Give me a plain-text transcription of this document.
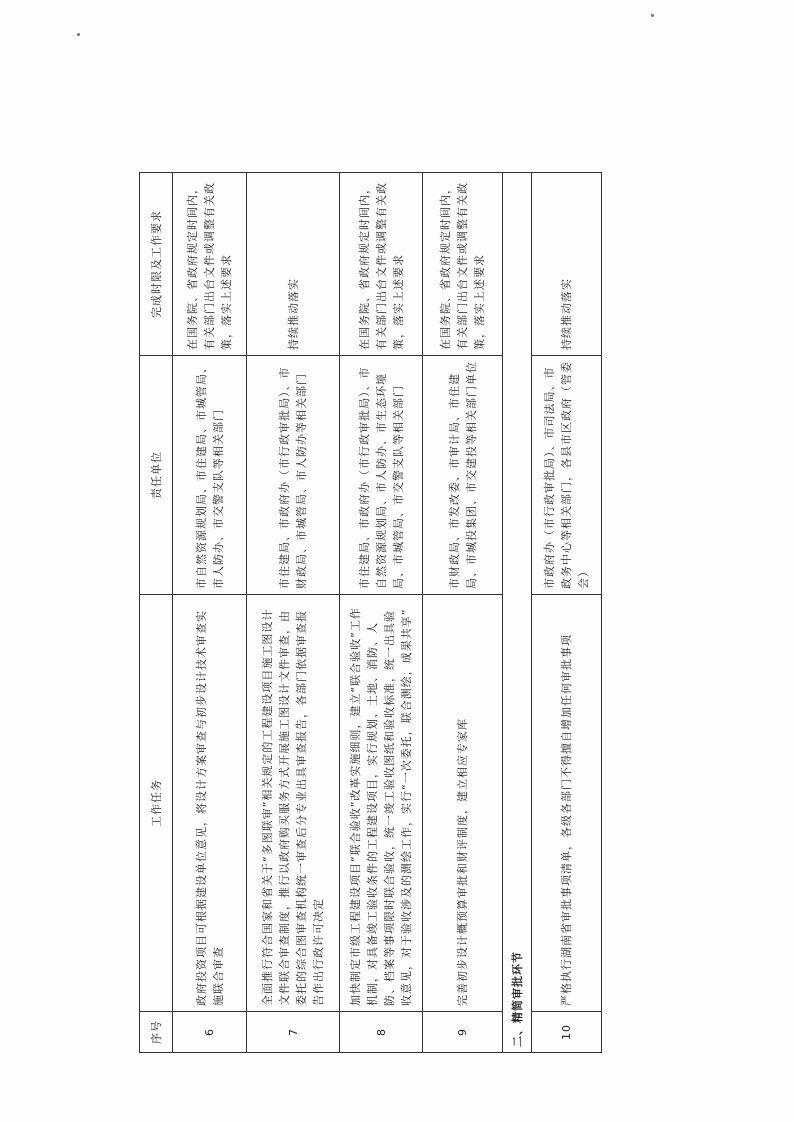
序号	工作任务	责任单位	完成时限及工作要求
6	政府投资项目可根据建设单位意见，将设计方案审查与初步设计技术审查实施联合审查	市自然资源规划局、市住建局、市城管局、市人防办、市交警支队等相关部门	在国务院、省政府规定时间内，有关部门出台文件或调整有关政策，落实上述要求
7	全面推行符合国家和省关于“多图联审”相关规定的工程建设项目施工图设计文件联合审查制度，推行以政府购买服务方式开展施工图设计文件审查，由委托的综合图审查机构统一审查后分专业出具审查报告，各部门依据审查报告作出行政许可决定	市住建局、市政府办（市行政审批局）、市财政局、市城管局、市人防办等相关部门	持续推动落实
8	加快制定市级工程建设项目“联合验收”改革实施细则，建立“联合验收”工作机制，对具备竣工验收条件的工程建设项目，实行规划、土地、消防、人防、档案等事项限时联合验收，统一竣工验收图纸和验收标准，统一出具验收意见，对于验收涉及的测绘工作，实行“一次委托，联合测绘，成果共享”	市住建局、市政府办（市行政审批局）、市自然资源规划局、市人防办、市生态环境局、市城管局、市交警支队等相关部门	在国务院、省政府规定时间内，有关部门出台文件或调整有关政策，落实上述要求
9	完善初步设计概预算审批和财评制度，建立相应专家库	市财政局、市发改委、市审计局、市住建局、市城投集团、市交建投等相关部门单位	在国务院、省政府规定时间内，有关部门出台文件或调整有关政策，落实上述要求
二、精简审批环节			
10	严格执行湖南省审批事项清单，各级各部门不得擅自增加任何审批事项	市政府办（市行政审批局）、市司法局、市政务中心等相关部门，各县市区政府（管委会）	持续推动落实
